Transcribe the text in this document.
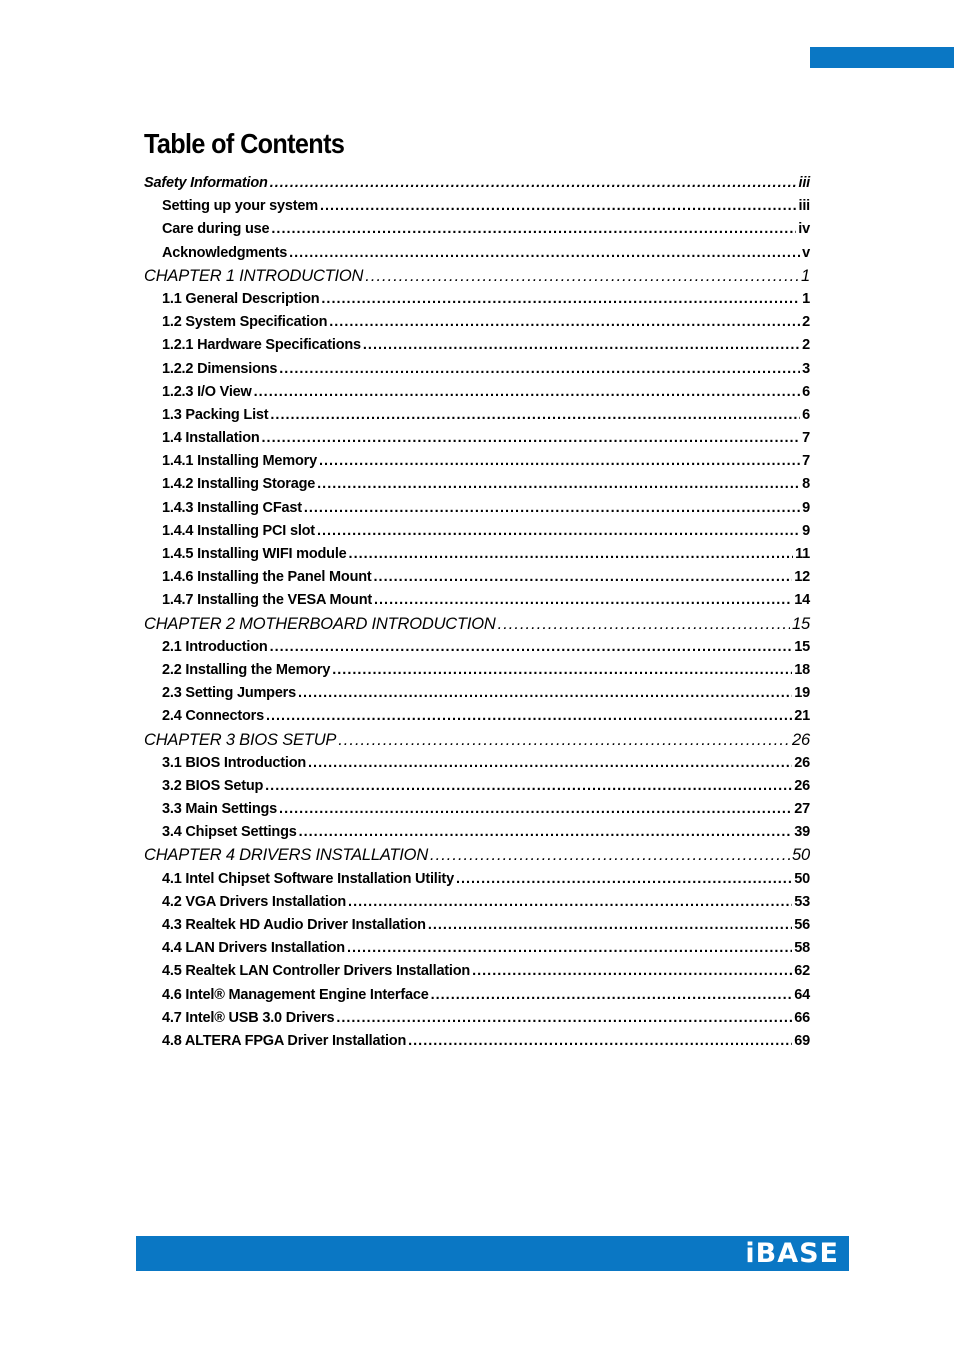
Table of Contents
Safety Information .....	iii
Setting up your system .....	iii
Care during use .....	iv
Acknowledgments .....	v
CHAPTER 1 INTRODUCTION .....	1
1.1 General Description .....	1
1.2 System Specification .....	2
1.2.1 Hardware Specifications .....	2
1.2.2 Dimensions .....	3
1.2.3 I/O View .....	6
1.3 Packing List .....	6
1.4 Installation .....	7
1.4.1 Installing Memory .....	7
1.4.2 Installing Storage .....	8
1.4.3 Installing CFast .....	9
1.4.4 Installing PCI slot .....	9
1.4.5 Installing WIFI module .....	11
1.4.6 Installing the Panel Mount .....	12
1.4.7 Installing the VESA Mount .....	14
CHAPTER 2 MOTHERBOARD INTRODUCTION .....	15
2.1 Introduction .....	15
2.2 Installing the Memory .....	18
2.3 Setting Jumpers .....	19
2.4 Connectors .....	21
CHAPTER 3 BIOS SETUP .....	26
3.1 BIOS Introduction .....	26
3.2 BIOS Setup .....	26
3.3 Main Settings .....	27
3.4 Chipset Settings .....	39
CHAPTER 4 DRIVERS INSTALLATION .....	50
4.1 Intel Chipset Software Installation Utility .....	50
4.2 VGA Drivers Installation .....	53
4.3 Realtek HD Audio Driver Installation .....	56
4.4 LAN Drivers Installation .....	58
4.5 Realtek LAN Controller Drivers Installation .....	62
4.6 Intel® Management Engine Interface .....	64
4.7 Intel® USB 3.0 Drivers .....	66
4.8 ALTERA FPGA Driver Installation .....	69
iBASE
